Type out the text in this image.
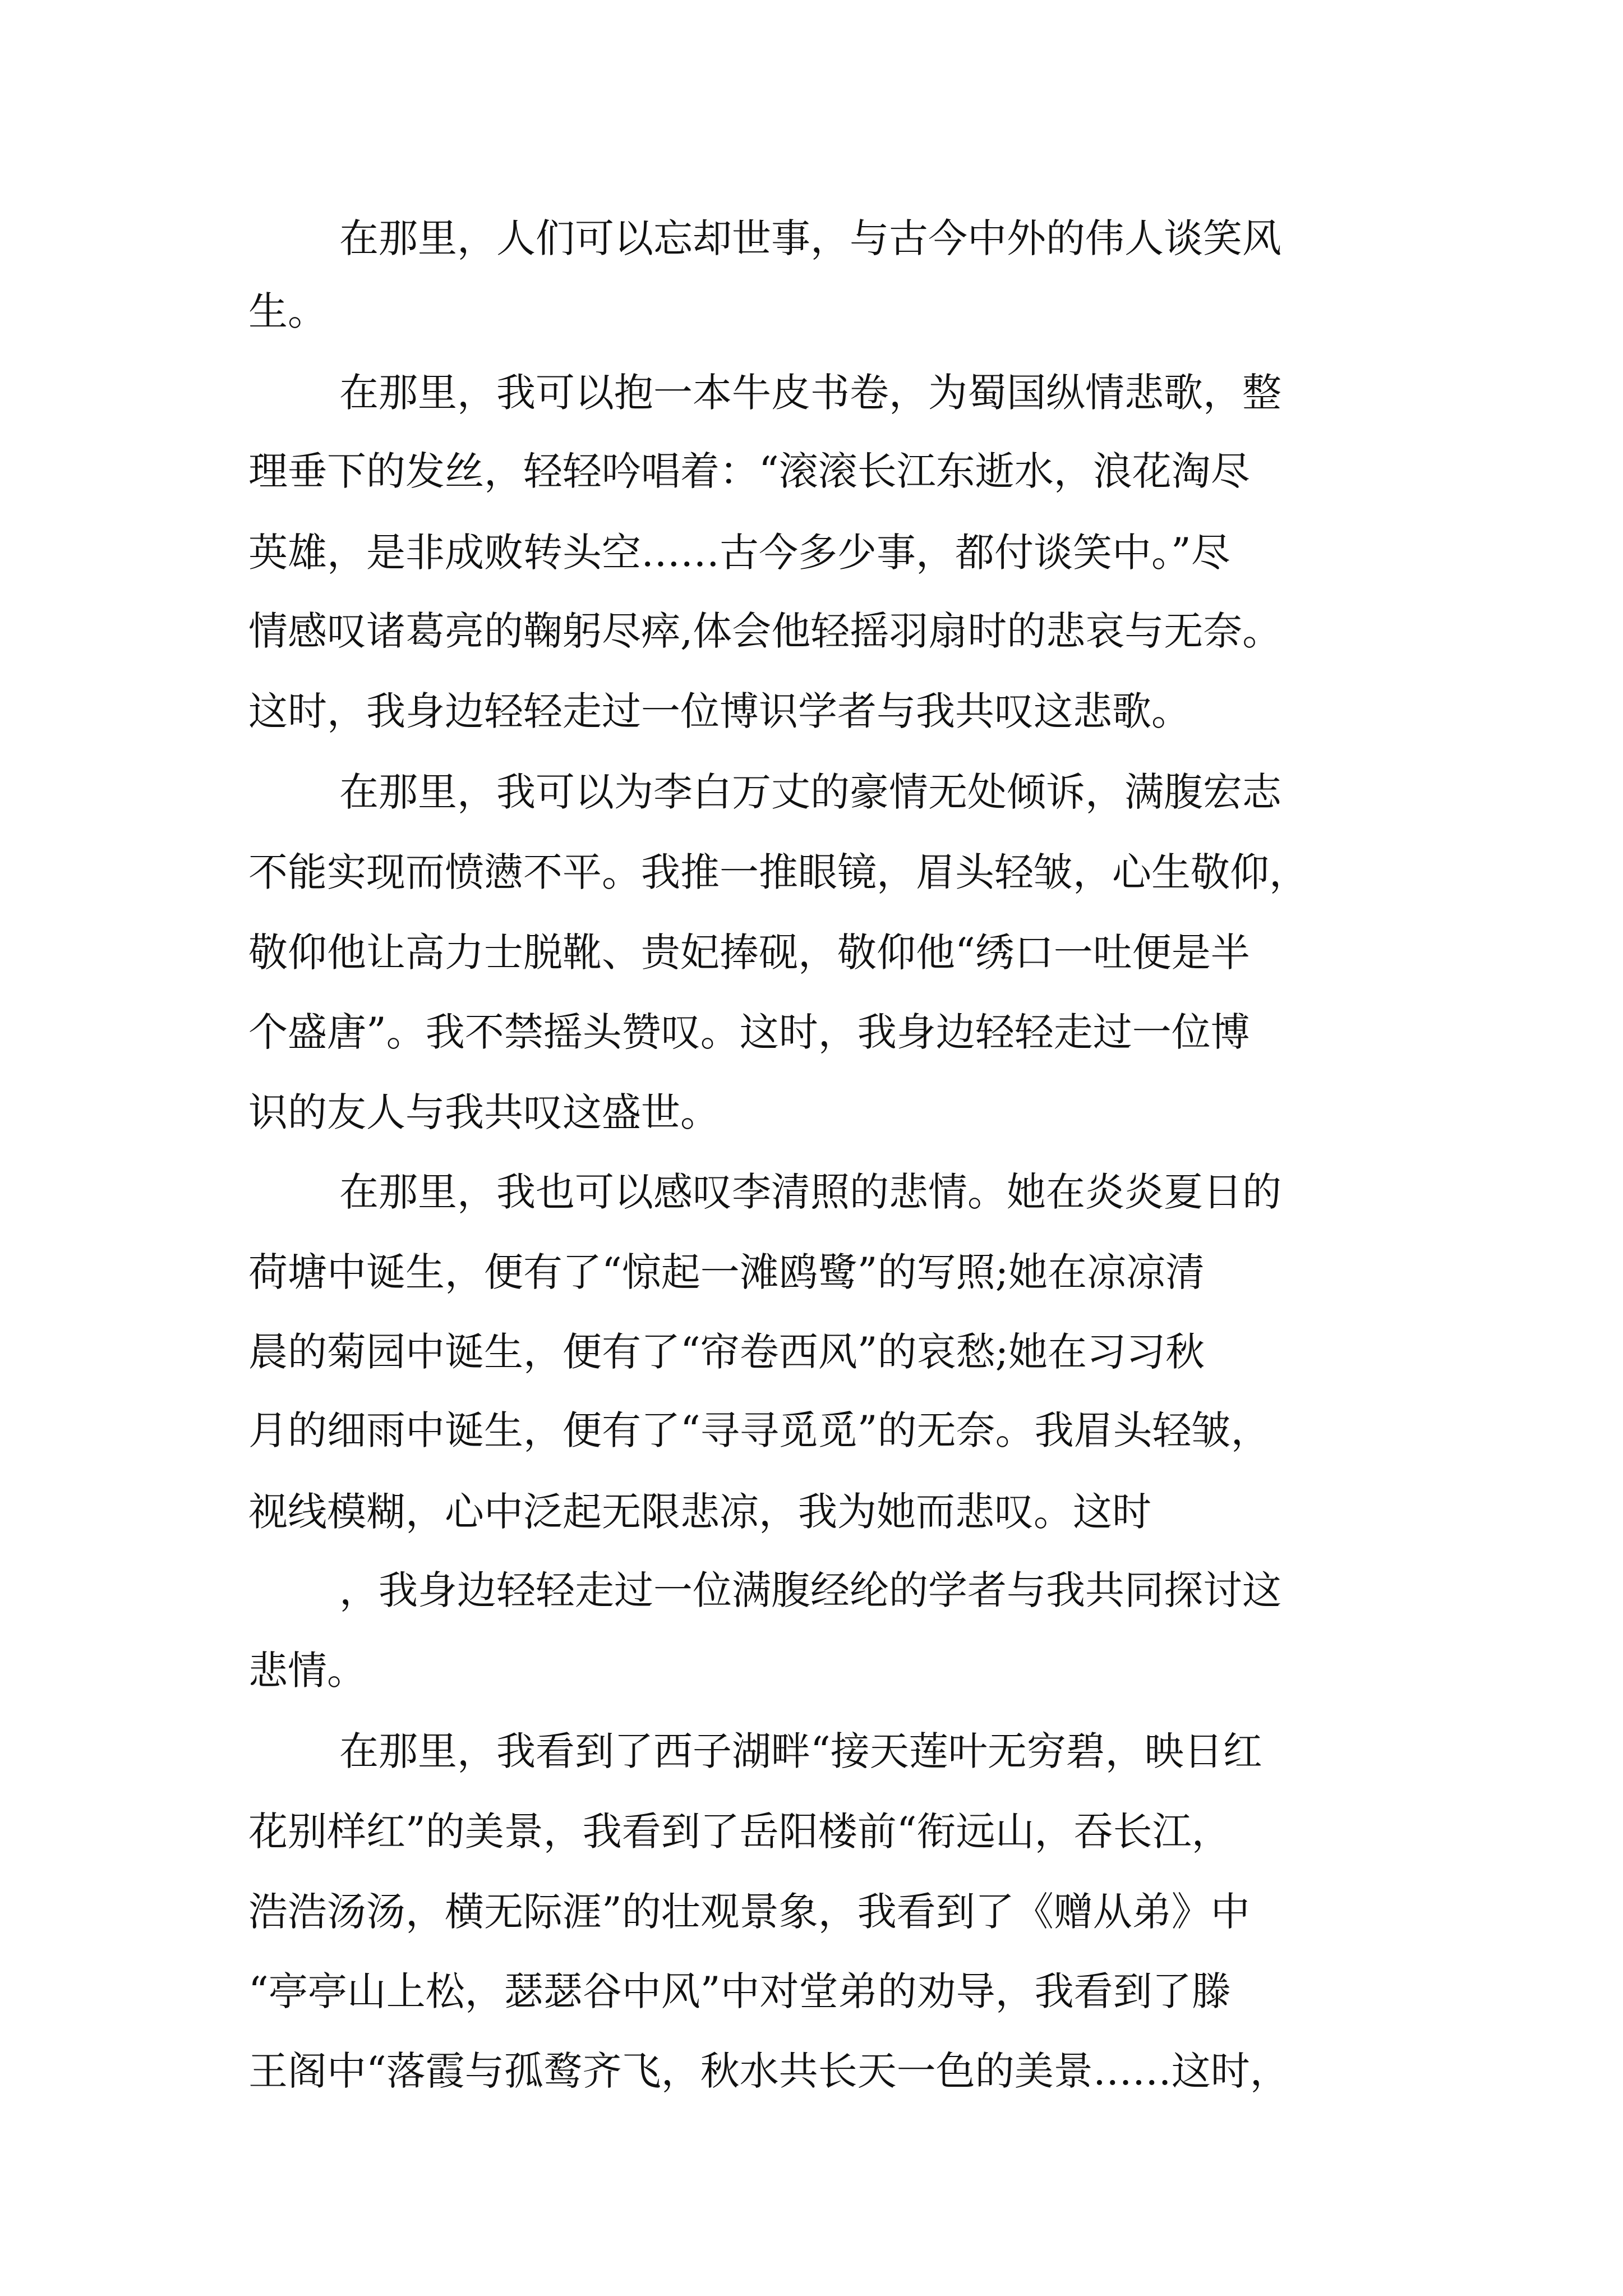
在那里，人们可以忘却世事，与古今中外的伟人谈笑风
生。
在那里，我可以抱一本牛皮书卷，为蜀国纵情悲歌，整
理垂下的发丝，轻轻吟唱着：“滚滚长江东逝水，浪花淘尽
英雄，是非成败转头空……古今多少事，都付谈笑中。”尽
情感叹诸葛亮的鞠躬尽瘁,体会他轻摇羽扇时的悲哀与无奈。
这时，我身边轻轻走过一位博识学者与我共叹这悲歌。
在那里，我可以为李白万丈的豪情无处倾诉，满腹宏志
不能实现而愤懑不平。我推一推眼镜，眉头轻皱，心生敬仰，
敬仰他让高力士脱靴、贵妃捧砚，敬仰他“绣口一吐便是半
个盛唐”。我不禁摇头赞叹。这时，我身边轻轻走过一位博
识的友人与我共叹这盛世。
在那里，我也可以感叹李清照的悲情。她在炎炎夏日的
荷塘中诞生，便有了“惊起一滩鸥鹭”的写照;她在凉凉清
晨的菊园中诞生，便有了“帘卷西风”的哀愁;她在习习秋
月的细雨中诞生，便有了“寻寻觅觅”的无奈。我眉头轻皱，
视线模糊，心中泛起无限悲凉，我为她而悲叹。这时
，我身边轻轻走过一位满腹经纶的学者与我共同探讨这
悲情。
在那里，我看到了西子湖畔“接天莲叶无穷碧，映日红
花别样红”的美景，我看到了岳阳楼前“衔远山，吞长江，
浩浩汤汤，横无际涯”的壮观景象，我看到了《赠从弟》中
“亭亭山上松，瑟瑟谷中风”中对堂弟的劝导，我看到了滕
王阁中“落霞与孤鹜齐飞，秋水共长天一色的美景……这时，
